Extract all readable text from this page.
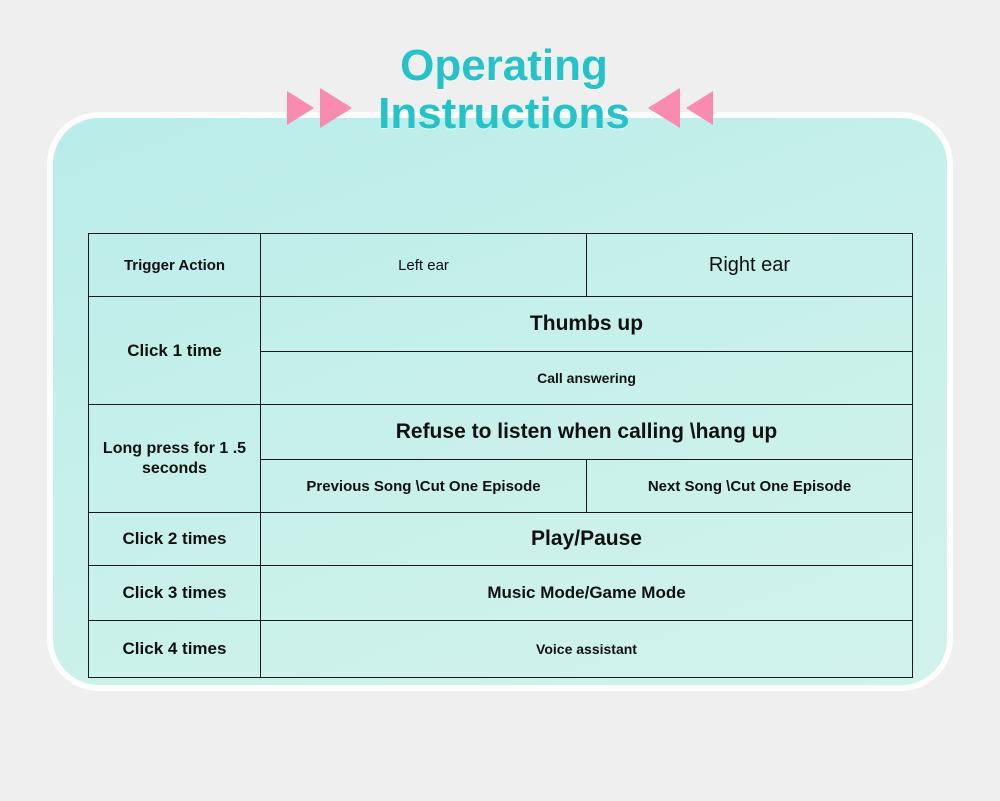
Operating
Instructions
Trigger Action	Left ear	Right ear
Click 1 time	Thumbs up	
	Call answering	
Long press for 1 .5 seconds	Refuse to listen when calling \hang up	
	Previous Song \Cut One Episode	Next Song \Cut One Episode
Click 2 times	Play/Pause	
Click 3 times	Music Mode/Game Mode	
Click 4 times	Voice assistant	
